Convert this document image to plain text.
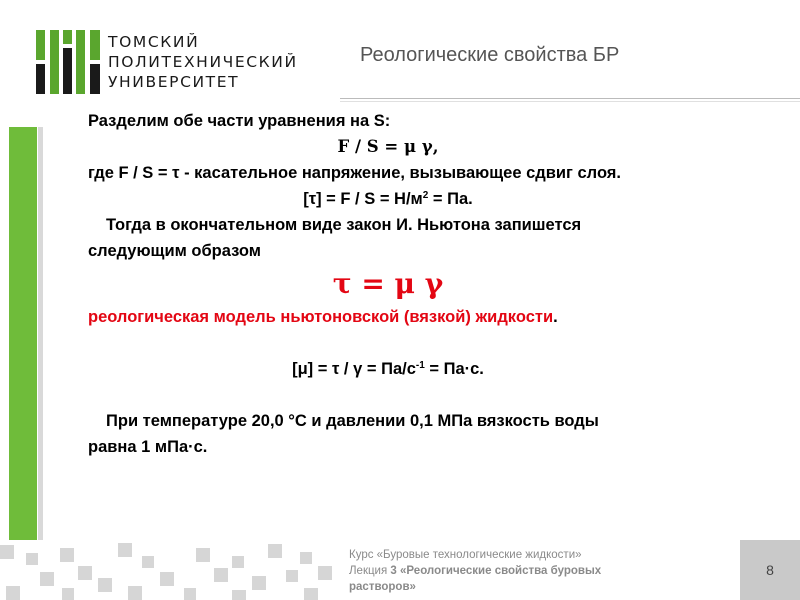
ТОМСКИЙ
ПОЛИТЕХНИЧЕСКИЙ
УНИВЕРСИТЕТ
Реологические свойства БР

Разделим обе части уравнения на S:

F / S = μ γ,

где F / S = τ - касательное напряжение, вызывающее сдвиг слоя.

$[\tau] = F / S = Н/м^2$ = Па.

Тогда в окончательном виде закон И. Ньютона запишется

следующим образом

τ = μ γ

реологическая модель ньютоновской (вязкой) жидкости.

$[\mu] = \tau / \gamma = Па/с^{-1} = Па\cdot с$.

При температуре 20,0 °С и давлении 0,1 МПа вязкость воды

равна 1 мПа·с.

Курс «Буровые технологические жидкости»
Лекция 3 «Реологические свойства буровых
растворов»
8
